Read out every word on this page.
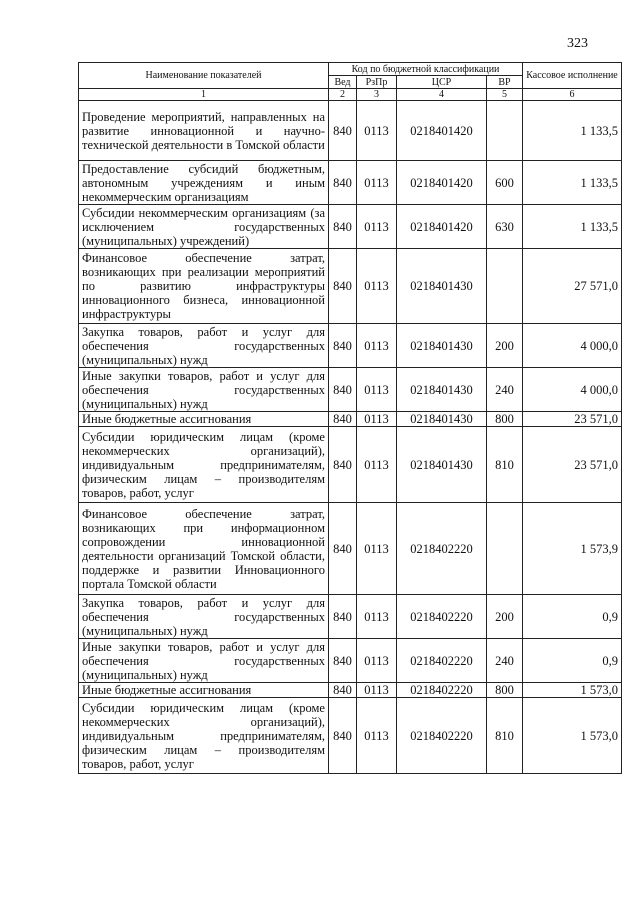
323
Наименование показателей	Код по бюджетной классификации				Кассовое исполнение
	Вед	РзПр	ЦСР	ВР	
1	2	3	4	5	6
Проведение мероприятий, направленных на развитие инновационной и научно-технической деятельности в Томской области	840	0113	0218401420		1 133,5
Предоставление субсидий бюджетным, автономным учреждениям и иным некоммерческим организациям	840	0113	0218401420	600	1 133,5
Субсидии некоммерческим организациям (за исключением государственных (муниципальных) учреждений)	840	0113	0218401420	630	1 133,5
Финансовое обеспечение затрат, возникающих при реализации мероприятий по развитию инфраструктуры инновационного бизнеса, инновационной инфраструктуры	840	0113	0218401430		27 571,0
Закупка товаров, работ и услуг для обеспечения государственных (муниципальных) нужд	840	0113	0218401430	200	4 000,0
Иные закупки товаров, работ и услуг для обеспечения государственных (муниципальных) нужд	840	0113	0218401430	240	4 000,0
Иные бюджетные ассигнования	840	0113	0218401430	800	23 571,0
Субсидии юридическим лицам (кроме некоммерческих организаций), индивидуальным предпринимателям, физическим лицам – производителям товаров, работ, услуг	840	0113	0218401430	810	23 571,0
Финансовое обеспечение затрат, возникающих при информационном сопровождении инновационной деятельности организаций Томской области, поддержке и развитии Инновационного портала Томской области	840	0113	0218402220		1 573,9
Закупка товаров, работ и услуг для обеспечения государственных (муниципальных) нужд	840	0113	0218402220	200	0,9
Иные закупки товаров, работ и услуг для обеспечения государственных (муниципальных) нужд	840	0113	0218402220	240	0,9
Иные бюджетные ассигнования	840	0113	0218402220	800	1 573,0
Субсидии юридическим лицам (кроме некоммерческих организаций), индивидуальным предпринимателям, физическим лицам – производителям товаров, работ, услуг	840	0113	0218402220	810	1 573,0
